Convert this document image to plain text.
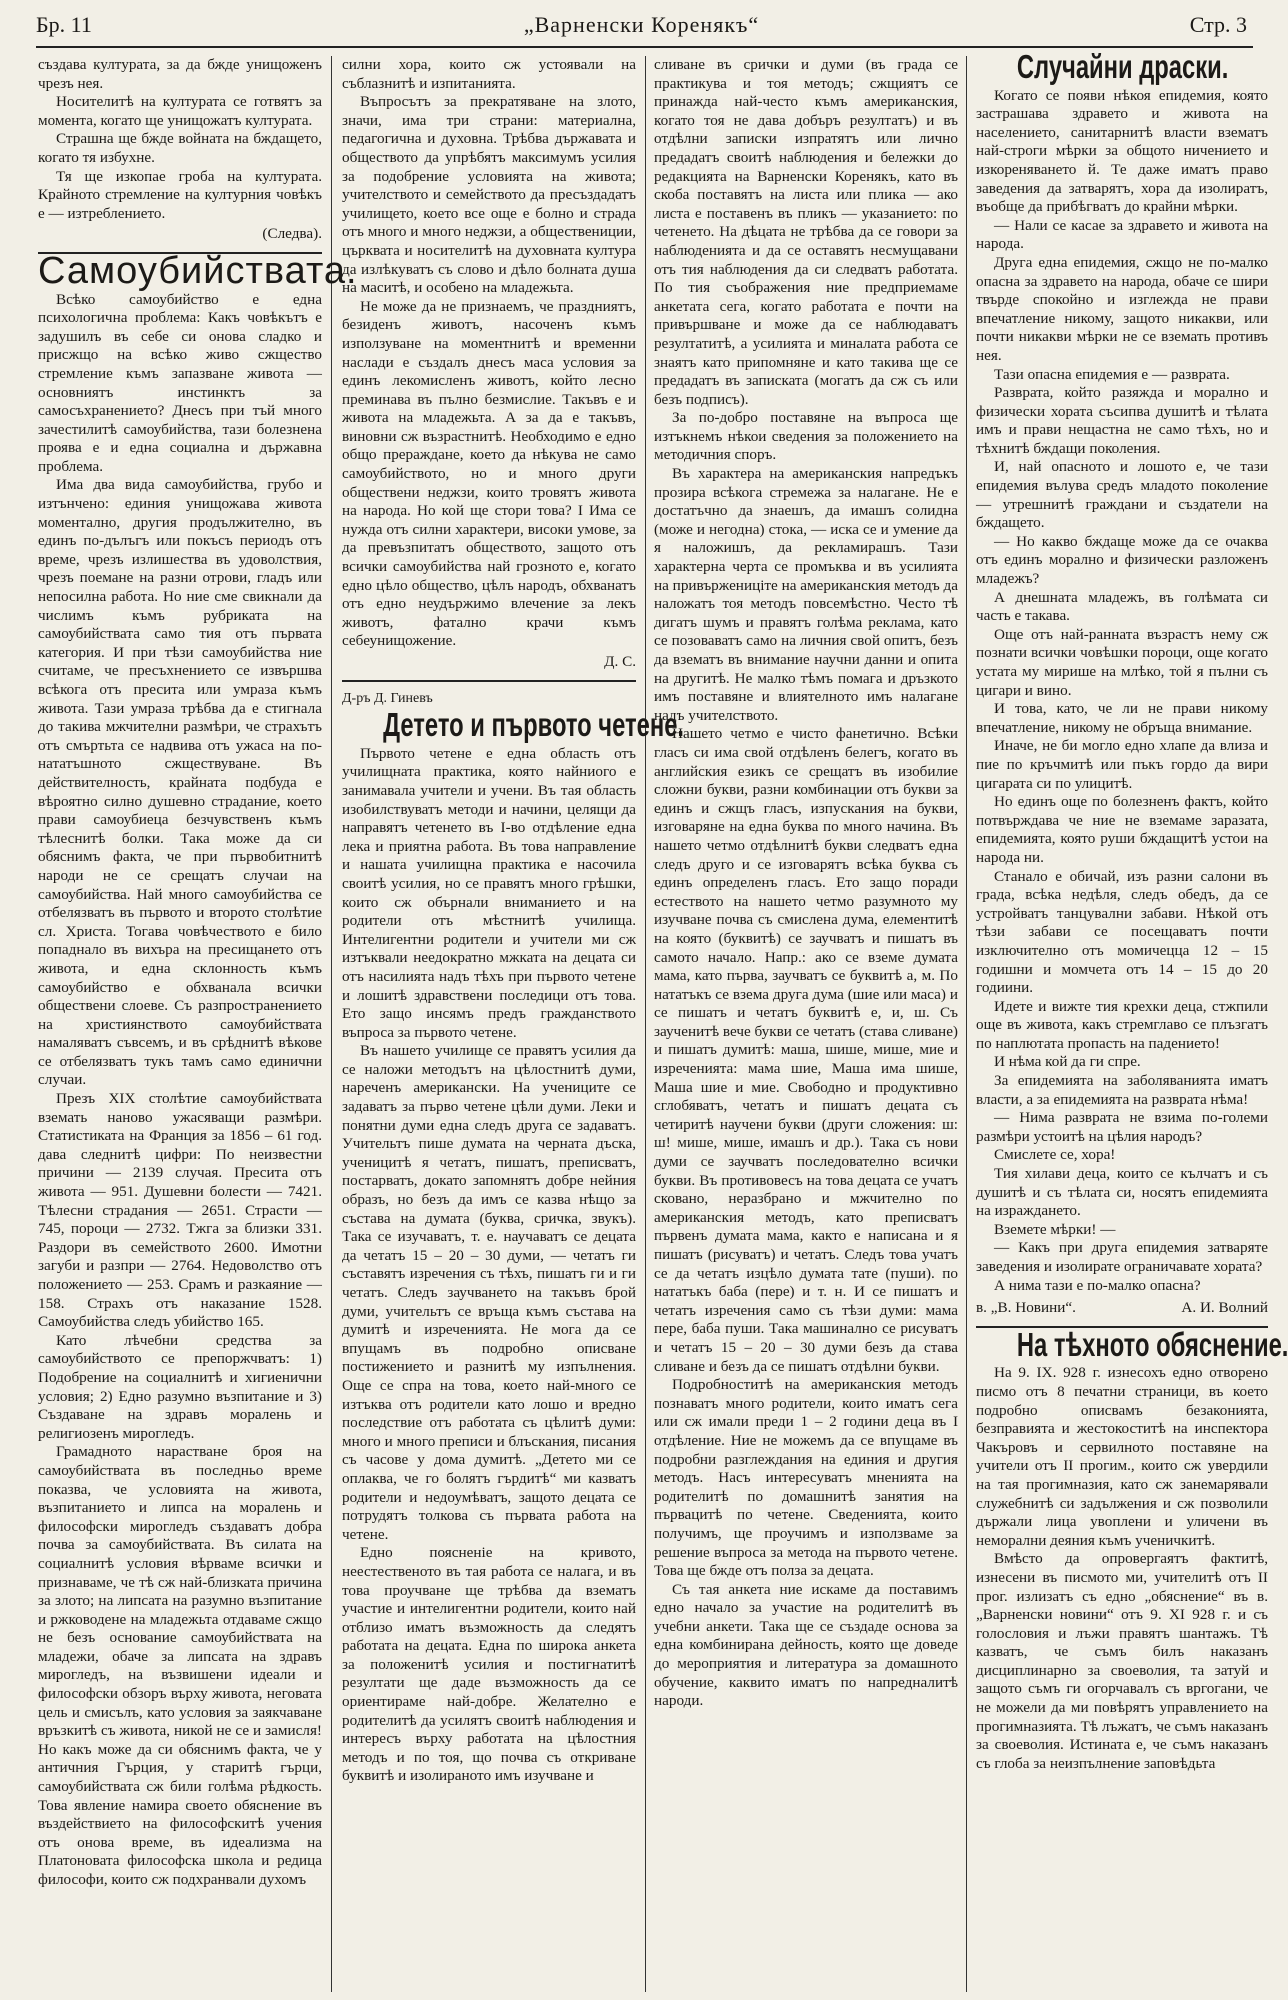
Бр. 11	„Варненски Коренякъ“	Стр. 3

създава културата, за да бжде унищоженъ чрезъ нея.

Носителитѣ на културата се готвятъ за момента, когато ще унищожатъ културата.

Страшна ще бжде войната на бждащето, когато тя избухне.

Тя ще изкопае гроба на културата. Крайното стремление на културния човѣкъ е — изтреблението.

(Следва).

Самоубийствата.

Всѣко самоубийство е една психологична проблема: Какъ човѣкътъ е задушилъ въ себе си онова сладко и присжщо на всѣко живо сжщество стремление къмъ запазване живота — основниятъ инстинктъ за самосъхранението? Днесъ при тъй много зачестилитѣ самоубийства, тази болезнена проява е и една социална и държавна проблема.

Има два вида самоубийства, грубо и изтънчено: единия унищожава живота моментално, другия продължително, въ единъ по-дълъгъ или покъсъ периодъ отъ време, чрезъ излишества въ удоволствия, чрезъ поемане на разни отрови, гладъ или непосилна работа. Но ние сме свикнали да числимъ къмъ рубриката на самоубийствата само тия отъ първата категория. И при тѣзи самоубийства ние считаме, че пресъхнението се извършва всѣкога отъ пресита или умраза къмъ живота. Тази умраза трѣбва да е стигнала до такива мжчителни размѣри, че страхътъ отъ смъртьта се надвива отъ ужаса на по-нататъшното сжществуване. Въ действителность, крайната подбуда е вѣроятно силно душевно страдание, което прави самоубиеца безчувственъ къмъ тѣлеснитѣ болки. Така може да си обяснимъ факта, че при първобитнитѣ народи не се срещатъ случаи на самоубийства. Най много самоубийства се отбелязватъ въ първото и второто столѣтие сл. Христа. Тогава човѣчеството е било попаднало въ вихъра на пресищането отъ живота, и една склонность къмъ самоубийство е обхванала всички обществени слоеве. Съ разпространението на християнството самоубийствата намаляватъ съвсемъ, и въ срѣднитѣ вѣкове се отбелязватъ тукъ тамъ само единични случаи.

Презъ XIX столѣтие самоубийствата вземать наново ужасяващи размѣри. Статистиката на Франция за 1856 – 61 год. дава следнитѣ цифри: По неизвестни причини — 2139 случая. Пресита отъ живота — 951. Душевни болести — 7421. Тѣлесни страдания — 2651. Страсти — 745, пороци — 2732. Тжга за близки 331. Раздори въ семейството 2600. Имотни загуби и разпри — 2764. Недоволство отъ положението — 253. Срамъ и разкаяние — 158. Страхъ отъ наказание 1528. Самоубийства следъ убийство 165.

Като лѣчебни средства за самоубийството се препоржчватъ: 1) Подобрение на социалнитѣ и хигиенични условия; 2) Едно разумно възпитание и 3) Създаване на здравъ моралень и религиозенъ мирогледъ.

Грамадното нарастване броя на самоубийствата въ последньо време показва, че условията на живота, възпитанието и липса на моралень и философски мирогледъ създаватъ добра почва за самоубийствата. Въ силата на социалнитѣ условия вѣрваме всички и признаваме, че тѣ сж най-близката причина за злото; на липсата на разумно възпитание и ржководене на младежьта отдаваме сжщо не безъ основание самоубийствата на младежи, обаче за липсата на здравъ мирогледъ, на възвишени идеали и философски обзоръ върху живота, неговата цель и смисълъ, като условия за заякчаване връзкитѣ съ живота, никой не се и замисля! Но какъ може да си обяснимъ факта, че у античния Гърция, у старитѣ гърци, самоубийствата сж били голѣма рѣдкость. Това явление намира своето обяснение въ въздействието на философскитѣ учения отъ онова време, въ идеализма на Платоновата философска школа и редица философи, които сж подхранвали духомъ

силни хора, които сж устоявали на съблазнитѣ и изпитанията.

Въпросътъ за прекратяване на злото, значи, има три страни: материална, педагогична и духовна. Трѣбва държавата и обществото да упрѣбятъ максимумъ усилия за подобрение условията на живота; учителството и семейството да пресъздадатъ училището, което все още е болно и страда отъ много и много неджзи, а обществениции, църквата и носителитѣ на духовната култура да излѣкуватъ съ слово и дѣло болната душа на маситѣ, и особено на младежьта.

Не може да не признаемъ, че праздниятъ, безиденъ животъ, насоченъ къмъ използуване на моментнитѣ и временни наслади е създалъ днесъ маса условия за единъ лекомисленъ животъ, който лесно преминава въ пълно безмислие. Такъвъ е и живота на младежьта. А за да е такъвъ, виновни сж възрастнитѣ. Необходимо е едно общо преражданe, което да нѣкува не само самоубийството, но и много други обществени неджзи, които тровятъ живота на народа. Но кой ще стори това? I Има се нужда отъ силни характери, високи умове, за да превъзпитатъ обществото, защото отъ всички самоубийства най грозното е, когато едно цѣло общество, цѣлъ народъ, обхванатъ отъ едно неудържимо влечение за лекъ животъ, фатално крачи къмъ себеунищожение.

Д. С.

Д-ръ Д. Гиневъ

Детето и първото четене.

Първото четене е една область отъ училищната практика, която найниого е занимавала учители и учени. Въ тая область изобилствуватъ методи и начини, целящи да направятъ четенето въ I-во отдѣление една лека и приятна работа. Въ това направление и нашата училищна практика е насочила своитѣ усилия, но се правятъ много грѣшки, които сж обърнали вниманието и на родители отъ мѣстнитѣ училища. Интелигентни родители и учители ми сж изтъквали неедократно мжката на децата си отъ насилията надъ тѣхъ при първото четене и лошитѣ здравствени последици отъ това. Ето защо инсямъ предъ гражданството въпроса за първото четене.

Въ нашето училище се правятъ усилия да се наложи методътъ на цѣлостнитѣ думи, нареченъ американски. На учениците се задаватъ за първо четене цѣли думи. Леки и понятни думи една следъ друга се задаватъ. Учительтъ пише думата на черната дъска, ученицитѣ я четатъ, пишатъ, преписватъ, постарватъ, докато запомнятъ добре нейния образъ, но безъ да имъ се казва нѣщо за състава на думата (буква, сричка, звукъ). Така се изучаватъ, т. е. научаватъ се децата да четатъ 15 – 20 – 30 думи, — четатъ ги съставятъ изречения съ тѣхъ, пишатъ ги и ги четатъ. Следъ заучването на такъвъ брой думи, учительтъ се връща къмъ състава на думитѣ и изреченията. Не мога да се впущамъ въ подробно описване постижението и разнитѣ му изпълнения. Още се спра на това, което най-много се изтъква отъ родители като лошо и вредно последствие отъ работата съ цѣлитѣ думи: много и много преписи и блъскания, писания съ часове у дома думитѣ. „Детето ми се оплаква, че го болятъ гърдитѣ“ ми казватъ родители и недоумѣватъ, защото децата се потрудятъ толкова съ първата работа на четене.

Едно поясненіе на кривото, неестественото въ тая работа се налага, и въ това проучване ще трѣбва да взематъ участие и интелигентни родители, които най отблизо иматъ възможность да следятъ работата на децата. Една по широка анкета за положенитѣ усилия и постигнатитѣ резултати ще даде възможность да се ориентираме най-добре. Желателно е родителитѣ да усилятъ своитѣ наблюдения и интересъ върху работата на цѣлостния методъ и по тоя, що почва съ откриване буквитѣ и изолираното имъ изучване и

сливане въ срички и думи (въ града се практикува и тоя методъ; сжщиятъ се принажда най-често къмъ американския, когато тоя не дава добъръ резултатъ) и въ отдѣлни записки изпратятъ или лично предадатъ своитѣ наблюдения и бележки до редакцията на Варненски Коренякъ, като въ скоба поставятъ на листа или плика — ако листа е поставенъ въ пликъ — указанието: по четенето. На дѣцата не трѣбва да се говори за наблюденията и да се оставятъ несмущавани отъ тия наблюдения да си следватъ работата. По тия съображения ние предприемаме анкетата сега, когато работата е почти на привършване и може да се наблюдаватъ резултатитѣ, а усилията и миналата работа се знаятъ като припомняне и като такива ще се предадатъ въ записката (могатъ да сж съ или безъ подписъ).

За по-добро поставяне на въпроса ще изтъкнемъ нѣкои сведения за положението на методичния споръ.

Въ характера на американския напредъкъ прозира всѣкога стремежа за налагане. Не е достатъчно да знаешъ, да имашъ солидна (може и негодна) стока, — иска се и умение да я наложишъ, да рекламирашъ. Тази характерна черта се промъква и въ усилията на привържениціте на американския методъ да наложатъ тоя методъ повсемѣстно. Често тѣ дигатъ шумъ и правятъ голѣма реклама, като се позоваватъ само на личния свой опитъ, безъ да взематъ въ внимание научни данни и опита на другитѣ. Не малко тѣмъ помага и дръзкото имъ поставяне и влиятелното имъ налагане надъ учителството.

Нашето четмо е чисто фанетично. Всѣки гласъ си има свой отдѣленъ белегъ, когато въ английския езикъ се срещатъ въ изобилие сложни букви, разни комбинации отъ букви за единъ и сжщъ гласъ, изпускания на букви, изговаряне на една буква по много начина. Въ нашето четмо отдѣлнитѣ букви следватъ една следъ друго и се изговарятъ всѣка буква съ единъ определенъ гласъ. Ето защо поради естеството на нашето четмо разумното му изучване почва съ смислена дума, елементитѣ на която (буквитѣ) се заучватъ и пишатъ въ самото начало. Напр.: ако се вземе думата мама, като първа, заучватъ се буквитѣ а, м. По нататъкъ се взема друга дума (шие или маса) и се пишатъ и четатъ буквитѣ е, и, ш. Съ заученитѣ вече букви се четатъ (става сливане) и пишатъ думитѣ: маша, шише, мише, мие и изреченията: мама шие, Маша има шише, Маша шие и мие. Свободно и продуктивно сглобяватъ, четатъ и пишатъ децата съ четиритѣ научени букви (други сложения: ш: ш! мише, мише, имашъ и др.). Така съ нови думи се заучватъ последователно всички букви. Въ противовесъ на това децата се учатъ сковано, неразбрано и мжчително по американския методъ, като преписватъ първенъ думата мама, както е написана и я пишатъ (рисуватъ) и четатъ. Следъ това учатъ се да четатъ изцѣло думата тате (пуши). по нататъкъ баба (пере) и т. н. И се пишатъ и четатъ изречения само съ тѣзи думи: мама пере, баба пуши. Така машинално се рисуватъ и четатъ 15 – 20 – 30 думи безъ да става сливане и безъ да се пишатъ отдѣлни букви.

Подробноститѣ на американския методъ познаватъ много родители, които иматъ сега или сж имали преди 1 – 2 години деца въ I отдѣление. Ние не можемъ да се впущаме въ подробни разглеждания на единия и другия методъ. Насъ интересуватъ мненията на родителитѣ по домашнитѣ занятия на първацитѣ по четене. Сведенията, които получимъ, ще проучимъ и използваме за решение въпроса за метода на първото четене. Това ще бжде отъ полза за децата.

Съ тая анкета ние искаме да поставимъ едно начало за участие на родителитѣ въ учебни анкети. Така ще се създаде основа за една комбинирана дейность, която ще доведе до мероприятия и литература за домашното обучение, каквито иматъ по напредналитѣ народи.

Случайни драски.

Когато се появи нѣкоя епидемия, която застрашава здравето и живота на населението, санитарнитѣ власти взематъ най-строги мѣрки за общото ничението и изкореняването й. Те даже иматъ право заведения да затварятъ, хора да изолиратъ, въобще да прибѣгватъ до крайни мѣрки.

— Нали се касае за здравето и живота на народа.

Друга една епидемия, сжщо не по-малко опасна за здравето на народа, обаче се шири твърде спокойно и изглежда не прави впечатление никому, защото никакви, или почти никакви мѣрки не се вземать противъ нея.

Тази опасна епидемия е — разврата.

Развратa, който разяжда и морално и физически хората съсипва душитѣ и тѣлата имъ и прави нещастна не само тѣхъ, но и тѣхнитѣ бждащи поколения.

И, най опасното и лошото е, че тази епидемия вълува средъ младото поколение — утрешнитѣ граждани и създатели на бждащето.

— Но какво бждаще може да се очаква отъ единъ морално и физически разложенъ младежъ?

А днешната младежъ, въ голѣмата си часть е такава.

Още отъ най-ранната възрастъ нему сж познати всички човѣшки пороци, още когато устата му мирише на млѣко, той я пълни съ цигари и вино.

И това, като, че ли не прави никому впечатление, никому не обръща внимание.

Иначе, не би могло едно хлапе да влиза и пие по кръчмитѣ или пъкъ гордо да вири цигарата си по улицитѣ.

Но единъ още по болезненъ фактъ, който потвърждава че ние не вземаме заразата, епидемията, която руши бждащитѣ устои на народа ни.

Станало е обичай, изъ разни салони въ града, всѣка недѣля, следъ обедъ, да се устройватъ танцувални забави. Нѣкой отъ тѣзи забави се посещаватъ почти изключително отъ момичецца 12 – 15 годишни и момчета отъ 14 – 15 до 20 годиини.

Идете и вижте тия крехки деца, стжпили още въ живота, какъ стремглаво се плъзгатъ по наплютата пропасть на падението!

И нѣма кой да ги спре.

За епидемията на заболяванията иматъ власти, а за епидемията на разврата нѣма!

— Нима развратa не взима по-големи размѣри устоитѣ на цѣлия народъ?

Смислете се, хора!

Тия хилави деца, които се кълчатъ и съ душитѣ и съ тѣлата си, носятъ епидемията на израждането.

Вземете мѣрки! —

— Какъ при друга епидемия затваряте заведения и изолирате ограничавате хората?

А нима тази е по-малко опасна?

в. „В. Новини“.	А. И. Волний
На тѣхното обяснение.

На 9. IX. 928 г. изнесохъ едно отворено писмо отъ 8 печатни страници, въ което подробно описвамъ безаконията, безправията и жестокоститѣ на инспектора Чакъровъ и сервилното поставяне на учители отъ II прогим., които сж увердили на тая прогимназия, като сж занемарявали служебнитѣ си задължения и сж позволили държали лица увоплени и уличени въ неморални деяния къмъ ученичкитѣ.

Вмѣсто да опровергаятъ фактитѣ, изнесени въ писмото ми, учителитѣ отъ II прог. излизатъ съ едно „обяснение“ въ в. „Варненски новини“ отъ 9. XI 928 г. и съ голословия и лъжи правятъ шантажъ. Тѣ казватъ, че съмъ билъ наказанъ дисциплинарно за своеволия, та затуй и защото съмъ ги огорчавалъ съ вргогани, че не можели да ми повѣрятъ управлението на прогимназията. Тѣ лъжатъ, че съмъ наказанъ за своеволия. Истината е, че съмъ наказанъ съ глоба за неизпълнение заповѣдьта
